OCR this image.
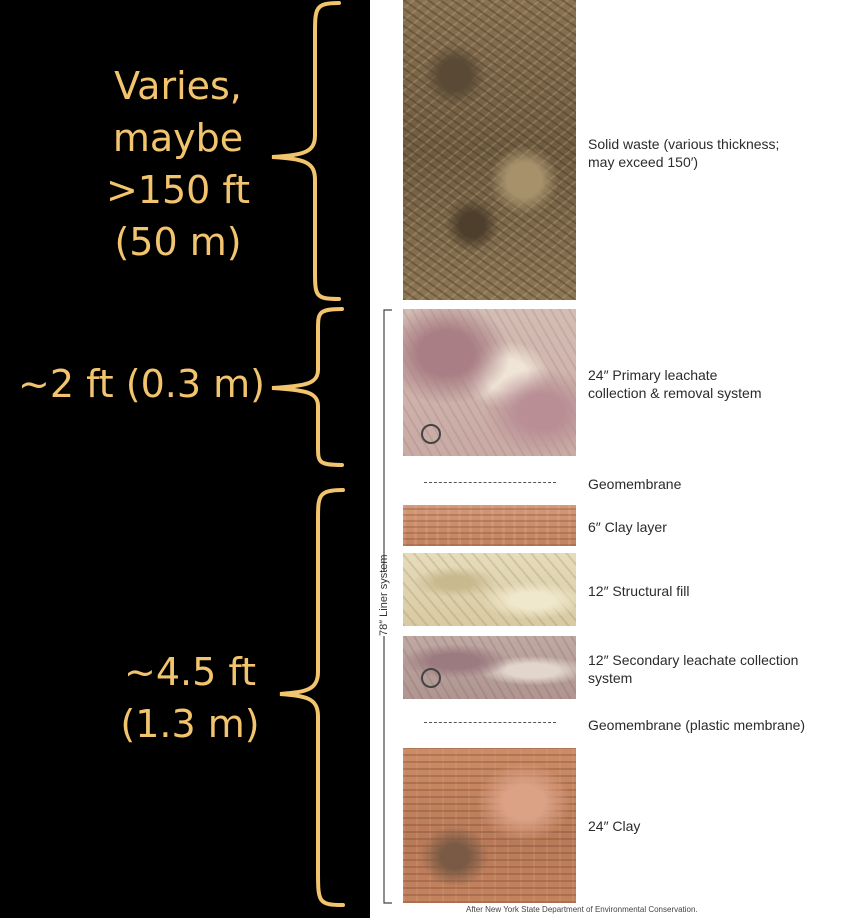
Varies,
maybe
>150 ft
(50 m)
~2 ft (0.3 m)
~4.5 ft
(1.3 m)
Solid waste (various thickness;
may exceed 150′)
24″ Primary leachate
collection & removal system
Geomembrane
6″ Clay layer
12″ Structural fill
12″ Secondary leachate collection
system
Geomembrane (plastic membrane)
24″ Clay
78″ Liner system
After New York State Department of Environmental Conservation.
